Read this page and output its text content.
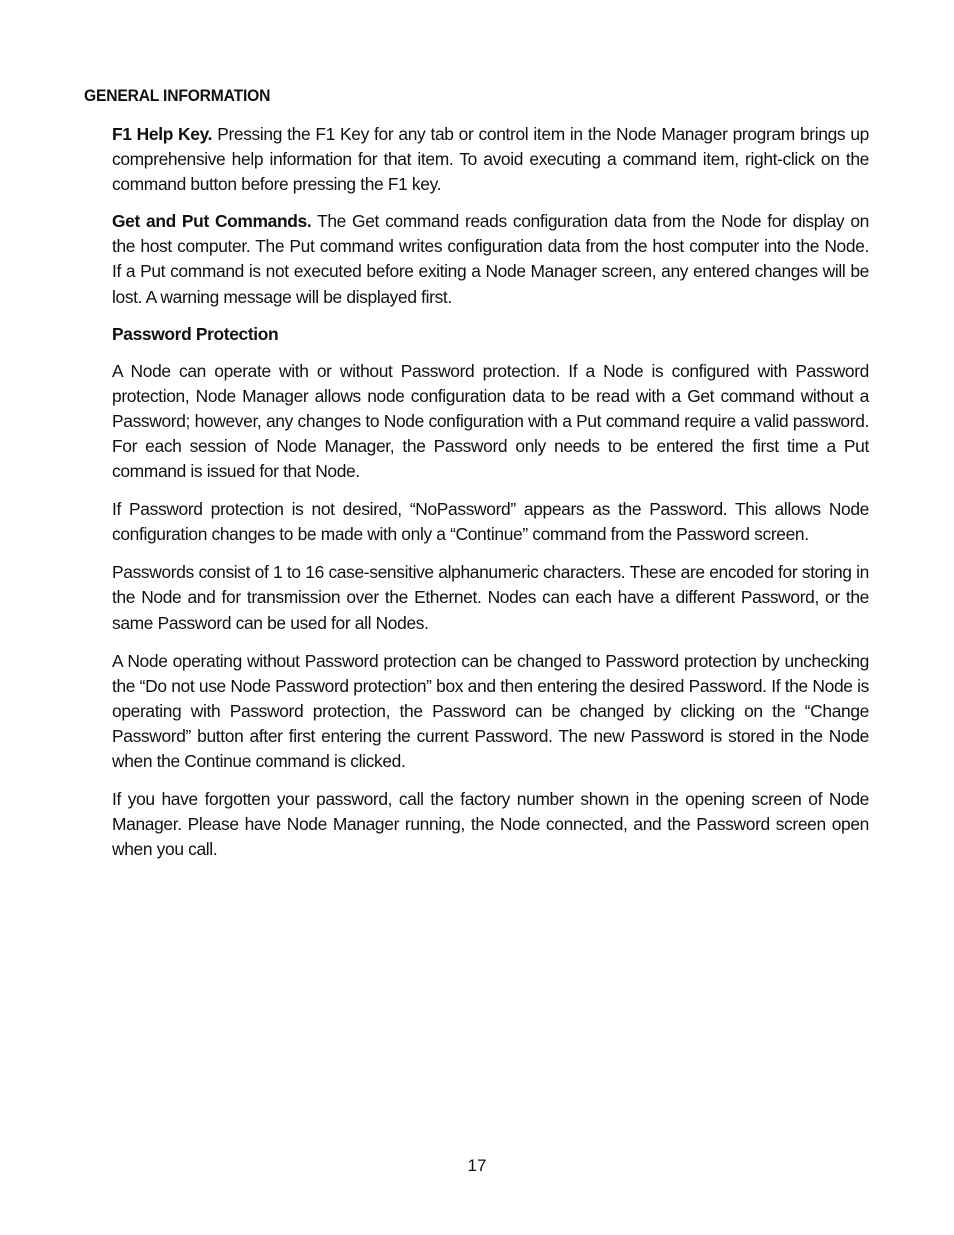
GENERAL INFORMATION

F1 Help Key. Pressing the F1 Key for any tab or control item in the Node Manager program brings up comprehensive help information for that item. To avoid executing a command item, right-click on the command button before pressing the F1 key.

Get and Put Commands. The Get command reads configuration data from the Node for display on the host computer. The Put command writes configuration data from the host computer into the Node. If a Put command is not executed before exiting a Node Manager screen, any entered changes will be lost. A warning message will be displayed first.

Password Protection

A Node can operate with or without Password protection. If a Node is configured with Password protection, Node Manager allows node configuration data to be read with a Get command without a Password; however, any changes to Node configuration with a Put command require a valid password. For each session of Node Manager, the Password only needs to be entered the first time a Put command is issued for that Node.

If Password protection is not desired, “NoPassword” appears as the Password. This allows Node configuration changes to be made with only a “Continue” command from the Password screen.

Passwords consist of 1 to 16 case-sensitive alphanumeric characters. These are encoded for storing in the Node and for transmission over the Ethernet. Nodes can each have a different Password, or the same Password can be used for all Nodes.

A Node operating without Password protection can be changed to Password protection by unchecking the “Do not use Node Password protection” box and then entering the desired Password. If the Node is operating with Password protection, the Password can be changed by clicking on the “Change Password” button after first entering the current Password. The new Password is stored in the Node when the Continue command is clicked.

If you have forgotten your password, call the factory number shown in the opening screen of Node Manager. Please have Node Manager running, the Node connected, and the Password screen open when you call.

17
